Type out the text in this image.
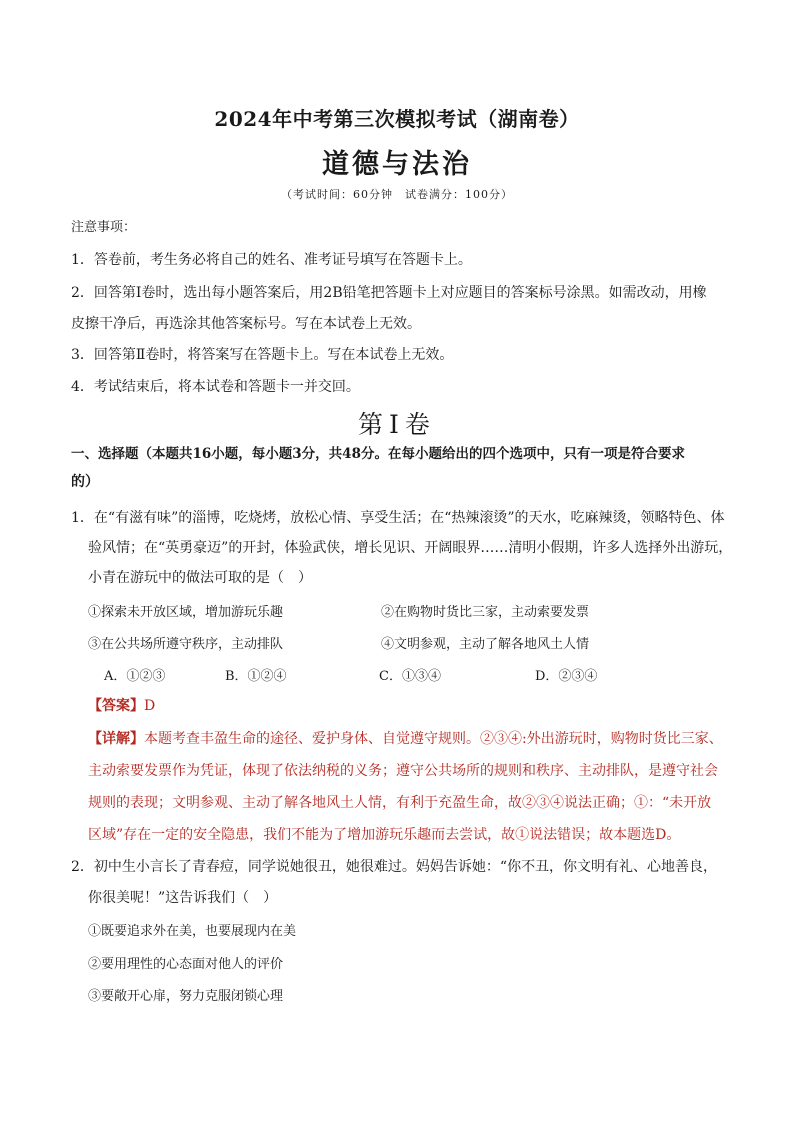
2024年中考第三次模拟考试（湖南卷）
道德与法治
（考试时间：60分钟　试卷满分：100分）
注意事项：
1．答卷前，考生务必将自己的姓名、准考证号填写在答题卡上。
2．回答第Ⅰ卷时，选出每小题答案后，用2B铅笔把答题卡上对应题目的答案标号涂黑。如需改动，用橡
皮擦干净后，再选涂其他答案标号。写在本试卷上无效。
3．回答第Ⅱ卷时，将答案写在答题卡上。写在本试卷上无效。
4．考试结束后，将本试卷和答题卡一并交回。
第Ⅰ卷
一、选择题（本题共16小题，每小题3分，共48分。在每小题给出的四个选项中，只有一项是符合要求
的）
1．在“有滋有味”的淄博，吃烧烤，放松心情、享受生活；在“热辣滚烫”的天水，吃麻辣烫，领略特色、体
验风情；在“英勇豪迈”的开封，体验武侠，增长见识、开阔眼界……清明小假期，许多人选择外出游玩，
小青在游玩中的做法可取的是（　）
①探索未开放区域，增加游玩乐趣	②在购物时货比三家，主动索要发票
③在公共场所遵守秩序，主动排队	④文明参观，主动了解各地风土人情
A．①②③	B．①②④	C．①③④	D．②③④
【答案】D
【详解】本题考查丰盈生命的途径、爱护身体、自觉遵守规则。②③④:外出游玩时，购物时货比三家、
主动索要发票作为凭证，体现了依法纳税的义务；遵守公共场所的规则和秩序、主动排队，是遵守社会
规则的表现；文明参观、主动了解各地风土人情，有利于充盈生命，故②③④说法正确；①：“未开放
区域”存在一定的安全隐患，我们不能为了增加游玩乐趣而去尝试，故①说法错误；故本题选D。
2．初中生小言长了青春痘，同学说她很丑，她很难过。妈妈告诉她：“你不丑，你文明有礼、心地善良，
你很美呢！”这告诉我们（　）
①既要追求外在美，也要展现内在美
②要用理性的心态面对他人的评价
③要敞开心扉，努力克服闭锁心理
